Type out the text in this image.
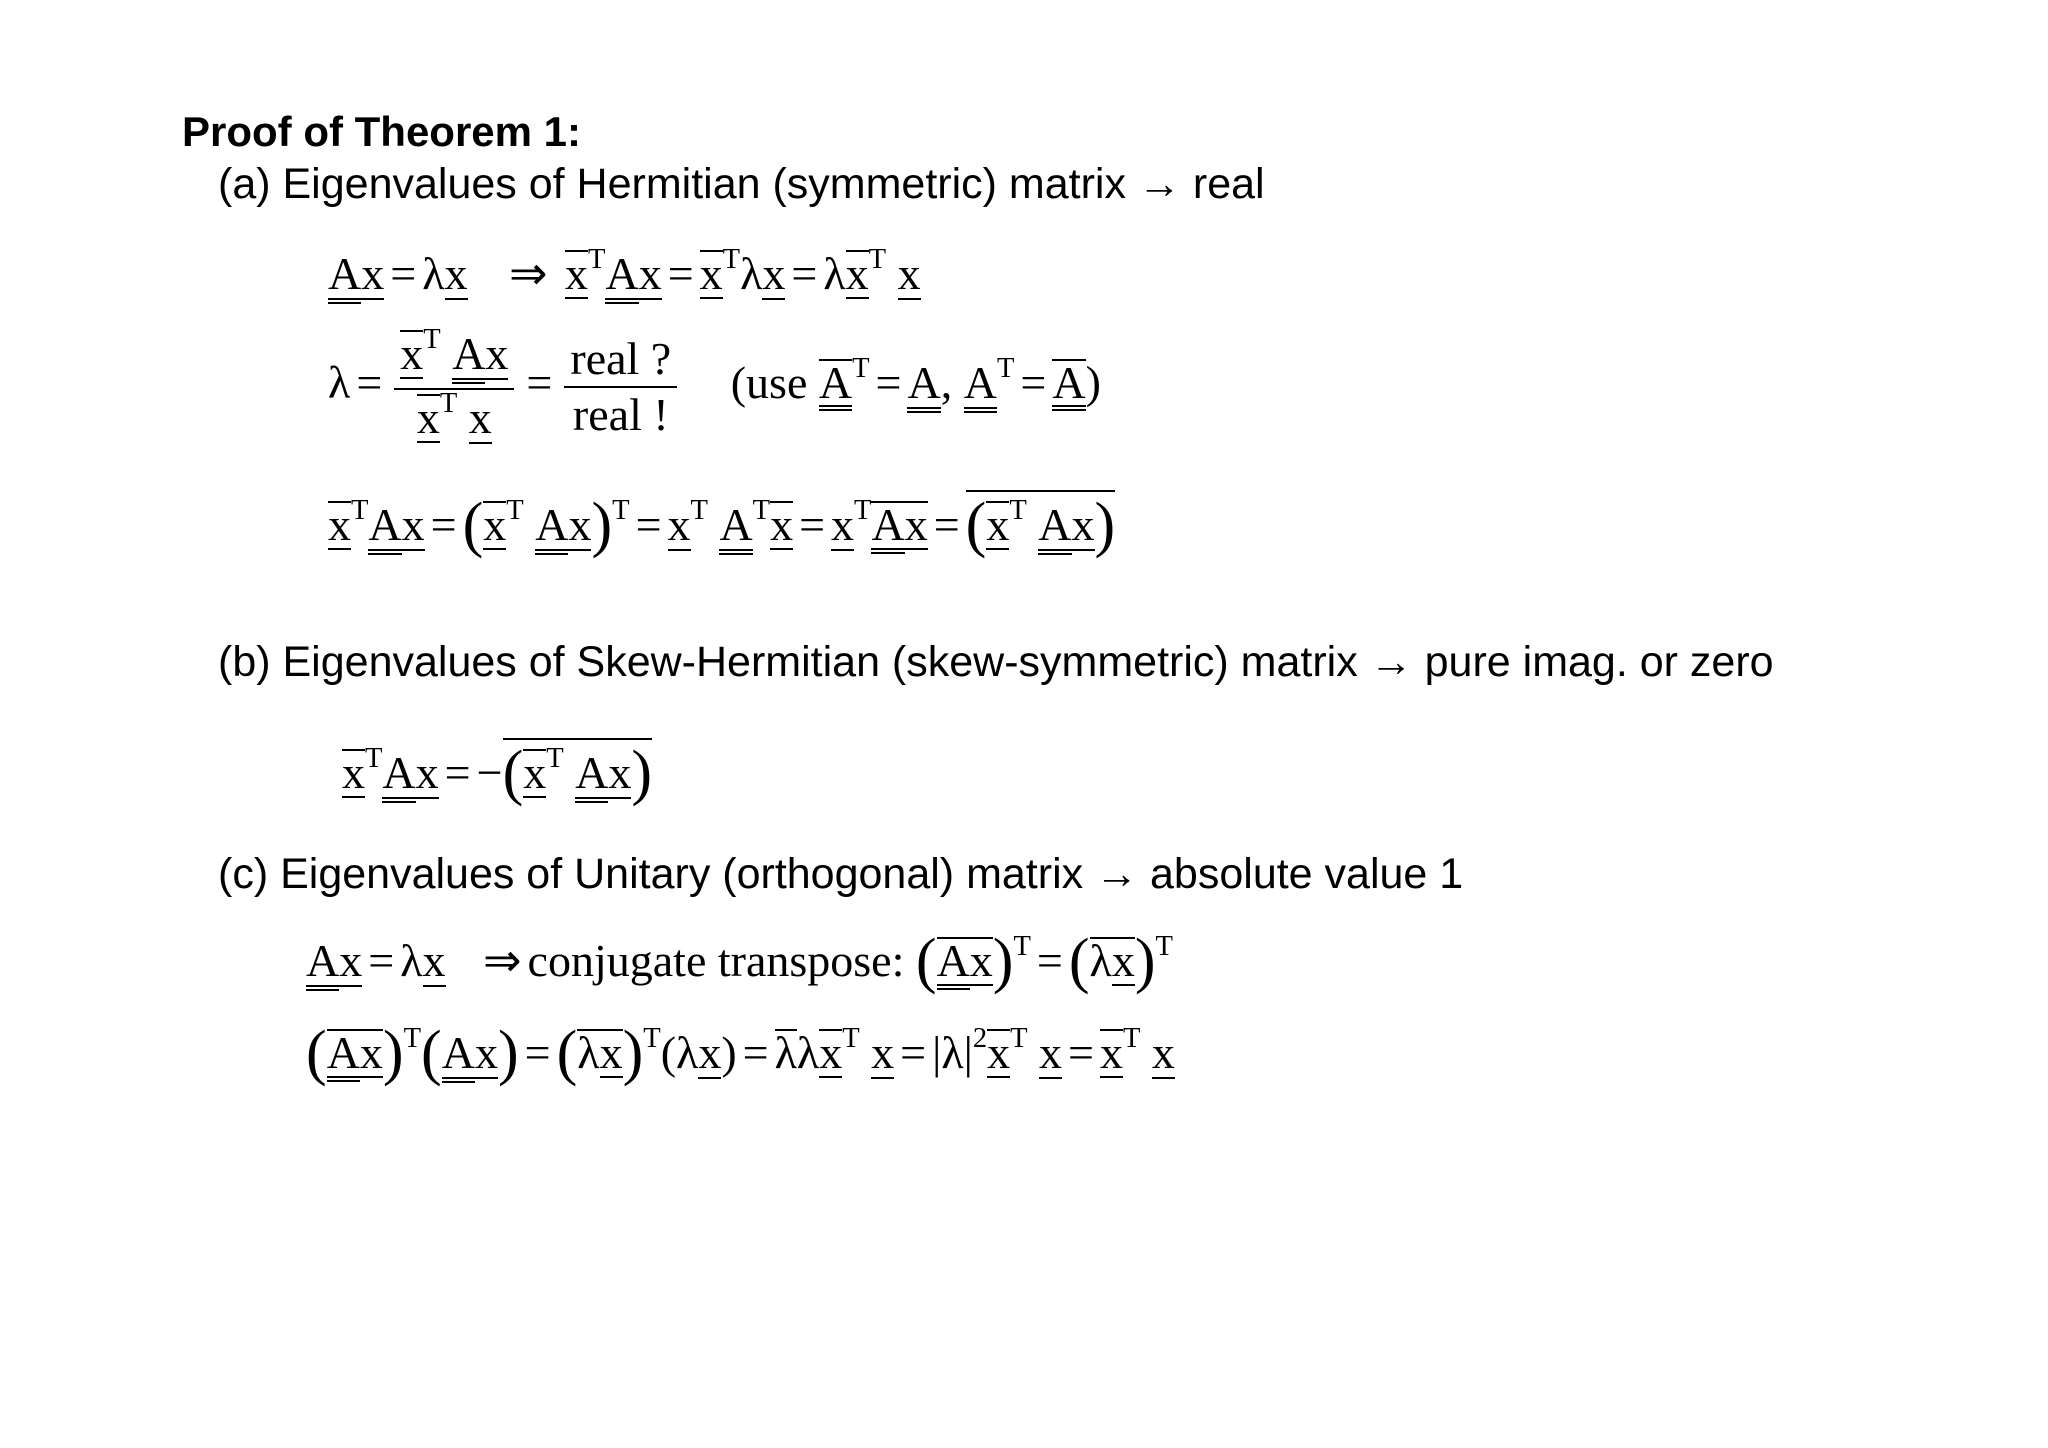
Proof of Theorem 1:
(a) Eigenvalues of Hermitian (symmetric) matrix → real
Ax = λx ⇒ $x^TAx = x^T\lambda x = \lambda x^T$ x
$\lambda = \frac{x^T Ax}{x^T x} = \frac{\text{real ?}}{\text{real !}} (use$ $A^T = A$, $A^T = A$)
$x^TAx =(x^T$ $Ax)^T = x^T$ $A^Tx = x^TAx =(x^T$ Ax)
(b) Eigenvalues of Skew-Hermitian (skew-symmetric) matrix → pure imag. or zero
$x^TAx = -(x^T$ Ax)
(c) Eigenvalues of Unitary (orthogonal) matrix → absolute value 1
Ax = λx ⇒ conjugate transpose: $(Ax)^T =(\lambda x)^T$
$(Ax)^T(Ax) =(\lambda x)^T(\lambda x) = \lambda\lambda x^T$ $x = |\lambda|^2x^T$ $x = x^T$ x
